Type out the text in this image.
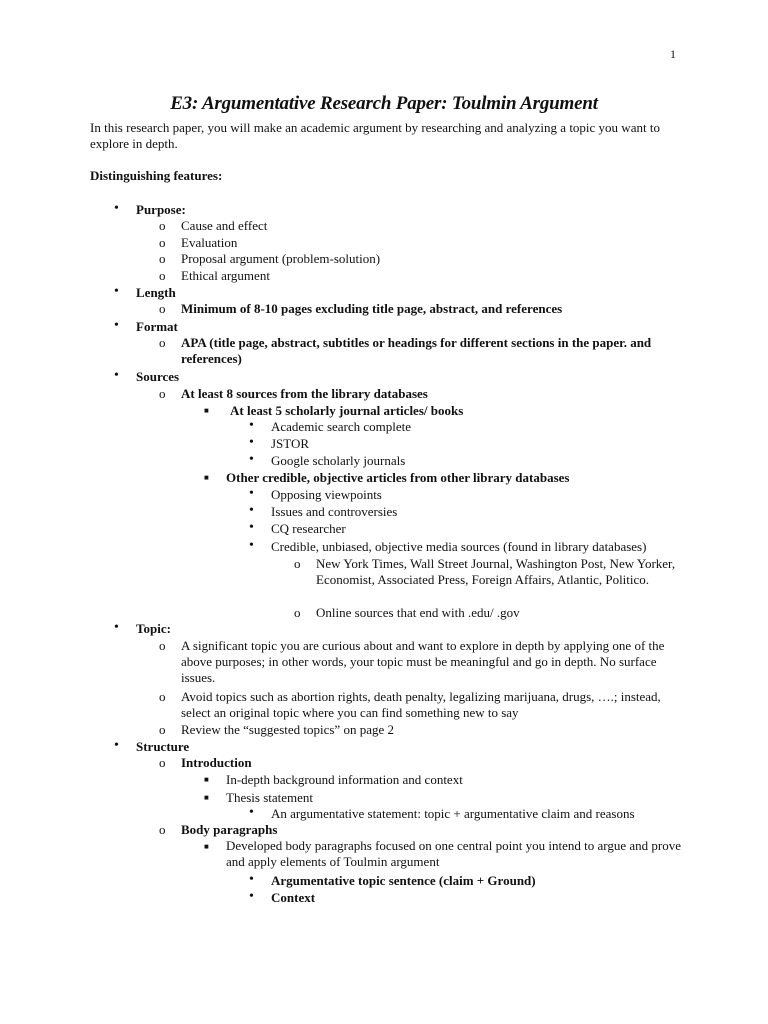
1
E3: Argumentative Research Paper: Toulmin Argument
In this research paper, you will make an academic argument by researching and analyzing a topic you want to explore in depth.
Distinguishing features:
• Purpose:
o Cause and effect
o Evaluation
o Proposal argument (problem-solution)
o Ethical argument
• Length
o Minimum of 8-10 pages excluding title page, abstract, and references
• Format
o APA (title page, abstract, subtitles or headings for different sections in the paper. and references)
• Sources
o At least 8 sources from the library databases
■ At least 5 scholarly journal articles/ books
• Academic search complete
• JSTOR
• Google scholarly journals
■ Other credible, objective articles from other library databases
• Opposing viewpoints
• Issues and controversies
• CQ researcher
• Credible, unbiased, objective media sources (found in library databases)
o New York Times, Wall Street Journal, Washington Post, New Yorker, Economist, Associated Press, Foreign Affairs, Atlantic, Politico.
o Online sources that end with .edu/ .gov
• Topic:
o A significant topic you are curious about and want to explore in depth by applying one of the above purposes; in other words, your topic must be meaningful and go in depth. No surface issues.
o Avoid topics such as abortion rights, death penalty, legalizing marijuana, drugs, ….; instead, select an original topic where you can find something new to say
o Review the “suggested topics” on page 2
• Structure
o Introduction
■ In-depth background information and context
■ Thesis statement
• An argumentative statement: topic + argumentative claim and reasons
o Body paragraphs
■ Developed body paragraphs focused on one central point you intend to argue and prove and apply elements of Toulmin argument
• Argumentative topic sentence (claim + Ground)
• Context
